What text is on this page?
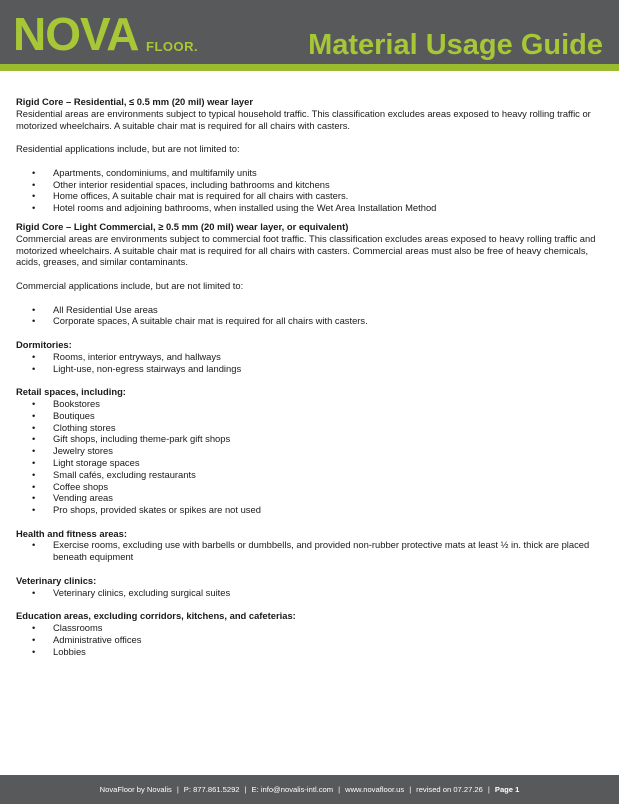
NOVA FLOOR.	Material Usage Guide

Rigid Core – Residential, ≤ 0.5 mm (20 mil) wear layer

Residential areas are environments subject to typical household traffic. This classification excludes areas exposed to heavy rolling traffic or motorized wheelchairs. A suitable chair mat is required for all chairs with casters.

Residential applications include, but are not limited to:

• Apartments, condominiums, and multifamily units
• Other interior residential spaces, including bathrooms and kitchens
• Home offices, A suitable chair mat is required for all chairs with casters.
• Hotel rooms and adjoining bathrooms, when installed using the Wet Area Installation Method

Rigid Core – Light Commercial, ≥ 0.5 mm (20 mil) wear layer, or equivalent)

Commercial areas are environments subject to commercial foot traffic. This classification excludes areas exposed to heavy rolling traffic and motorized wheelchairs. A suitable chair mat is required for all chairs with casters. Commercial areas must also be free of heavy chemicals, acids, greases, and similar contaminants.

Commercial applications include, but are not limited to:

• All Residential Use areas
• Corporate spaces, A suitable chair mat is required for all chairs with casters.

Dormitories:

• Rooms, interior entryways, and hallways
• Light-use, non-egress stairways and landings

Retail spaces, including:

• Bookstores
• Boutiques
• Clothing stores
• Gift shops, including theme-park gift shops
• Jewelry stores
• Light storage spaces
• Small cafés, excluding restaurants
• Coffee shops
• Vending areas
• Pro shops, provided skates or spikes are not used

Health and fitness areas:

• Exercise rooms, excluding use with barbells or dumbbells, and provided non-rubber protective mats at least ½ in. thick are placed beneath equipment

Veterinary clinics:

• Veterinary clinics, excluding surgical suites

Education areas, excluding corridors, kitchens, and cafeterias:

• Classrooms
• Administrative offices
• Lobbies
NovaFloor by Novalis | P: 877.861.5292 | E: info@novalis-intl.com | www.novafloor.us | revised on 07.27.26 | Page 1
